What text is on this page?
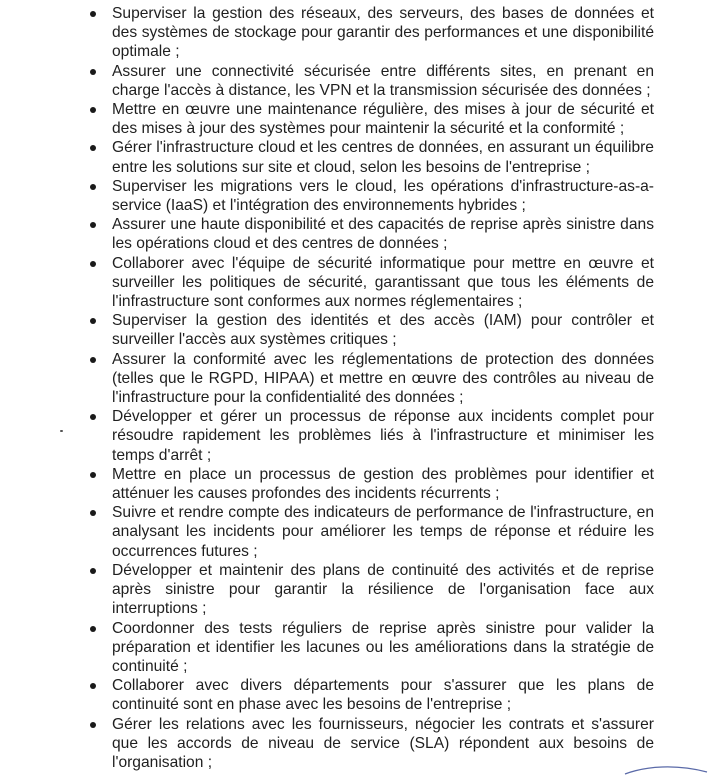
Superviser la gestion des réseaux, des serveurs, des bases de données et des systèmes de stockage pour garantir des performances et une disponibilité optimale ;
Assurer une connectivité sécurisée entre différents sites, en prenant en charge l'accès à distance, les VPN et la transmission sécurisée des données ;
Mettre en œuvre une maintenance régulière, des mises à jour de sécurité et des mises à jour des systèmes pour maintenir la sécurité et la conformité ;
Gérer l'infrastructure cloud et les centres de données, en assurant un équilibre entre les solutions sur site et cloud, selon les besoins de l'entreprise ;
Superviser les migrations vers le cloud, les opérations d'infrastructure-as-a-service (IaaS) et l'intégration des environnements hybrides ;
Assurer une haute disponibilité et des capacités de reprise après sinistre dans les opérations cloud et des centres de données ;
Collaborer avec l'équipe de sécurité informatique pour mettre en œuvre et surveiller les politiques de sécurité, garantissant que tous les éléments de l'infrastructure sont conformes aux normes réglementaires ;
Superviser la gestion des identités et des accès (IAM) pour contrôler et surveiller l'accès aux systèmes critiques ;
Assurer la conformité avec les réglementations de protection des données (telles que le RGPD, HIPAA) et mettre en œuvre des contrôles au niveau de l'infrastructure pour la confidentialité des données ;
Développer et gérer un processus de réponse aux incidents complet pour résoudre rapidement les problèmes liés à l'infrastructure et minimiser les temps d'arrêt ;
Mettre en place un processus de gestion des problèmes pour identifier et atténuer les causes profondes des incidents récurrents ;
Suivre et rendre compte des indicateurs de performance de l'infrastructure, en analysant les incidents pour améliorer les temps de réponse et réduire les occurrences futures ;
Développer et maintenir des plans de continuité des activités et de reprise après sinistre pour garantir la résilience de l'organisation face aux interruptions ;
Coordonner des tests réguliers de reprise après sinistre pour valider la préparation et identifier les lacunes ou les améliorations dans la stratégie de continuité ;
Collaborer avec divers départements pour s'assurer que les plans de continuité sont en phase avec les besoins de l'entreprise ;
Gérer les relations avec les fournisseurs, négocier les contrats et s'assurer que les accords de niveau de service (SLA) répondent aux besoins de l'organisation ;
